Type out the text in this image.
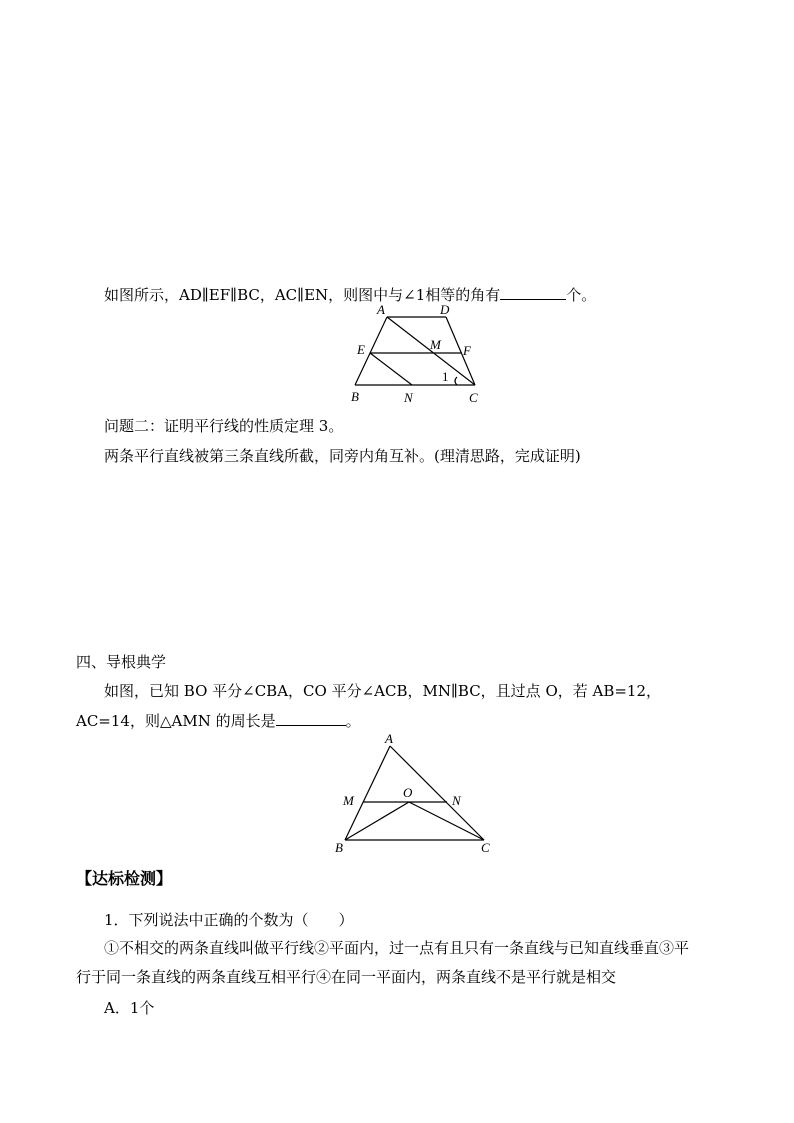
如图所示，AD∥EF∥BC，AC∥EN，则图中与∠1相等的角有	个。
A	D
E	M F
1
B	N	C
问题二：证明平行线的性质定理 3。
两条平行直线被第三条直线所截，同旁内角互补。(理清思路，完成证明)
四、导根典学
如图，已知 BO 平分∠CBA，CO 平分∠ACB，MN∥BC，且过点 O，若 AB=12，
AC=14，则△AMN 的周长是	。
A
M
O
N
B	C
【达标检测】
1．下列说法中正确的个数为（　　）
①不相交的两条直线叫做平行线②平面内，过一点有且只有一条直线与已知直线垂直③平
行于同一条直线的两条直线互相平行④在同一平面内，两条直线不是平行就是相交
A．1个
